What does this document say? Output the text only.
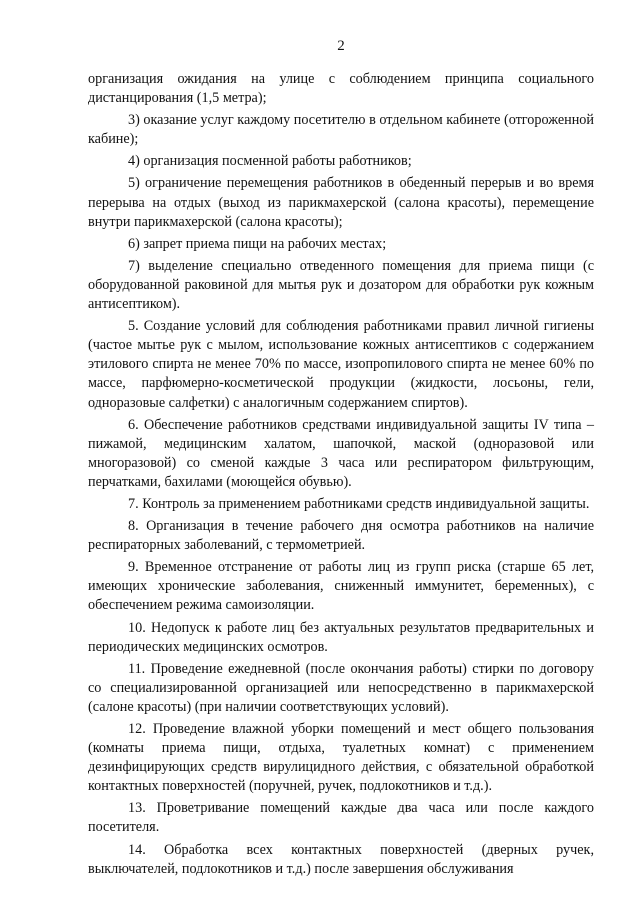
2

организация ожидания на улице с соблюдением принципа социального дистанцирования (1,5 метра);

3) оказание услуг каждому посетителю в отдельном кабинете (отгороженной кабине);

4) организация посменной работы работников;

5) ограничение перемещения работников в обеденный перерыв и во время перерыва на отдых (выход из парикмахерской (салона красоты), перемещение внутри парикмахерской (салона красоты);

6) запрет приема пищи на рабочих местах;

7) выделение специально отведенного помещения для приема пищи (с оборудованной раковиной для мытья рук и дозатором для обработки рук кожным антисептиком).

5. Создание условий для соблюдения работниками правил личной гигиены (частое мытье рук с мылом, использование кожных антисептиков с содержанием этилового спирта не менее 70% по массе, изопропилового спирта не менее 60% по массе, парфюмерно-косметической продукции (жидкости, лосьоны, гели, одноразовые салфетки) с аналогичным содержанием спиртов).

6. Обеспечение работников средствами индивидуальной защиты IV типа – пижамой, медицинским халатом, шапочкой, маской (одноразовой или многоразовой) со сменой каждые 3 часа или респиратором фильтрующим, перчатками, бахилами (моющейся обувью).

7. Контроль за применением работниками средств индивидуальной защиты.

8. Организация в течение рабочего дня осмотра работников на наличие респираторных заболеваний, с термометрией.

9. Временное отстранение от работы лиц из групп риска (старше 65 лет, имеющих хронические заболевания, сниженный иммунитет, беременных), с обеспечением режима самоизоляции.

10. Недопуск к работе лиц без актуальных результатов предварительных и периодических медицинских осмотров.

11. Проведение ежедневной (после окончания работы) стирки по договору со специализированной организацией или непосредственно в парикмахерской (салоне красоты) (при наличии соответствующих условий).

12. Проведение влажной уборки помещений и мест общего пользования (комнаты приема пищи, отдыха, туалетных комнат) с применением дезинфицирующих средств вирулицидного действия, с обязательной обработкой контактных поверхностей (поручней, ручек, подлокотников и т.д.).

13. Проветривание помещений каждые два часа или после каждого посетителя.

14. Обработка всех контактных поверхностей (дверных ручек, выключателей, подлокотников и т.д.) после завершения обслуживания
